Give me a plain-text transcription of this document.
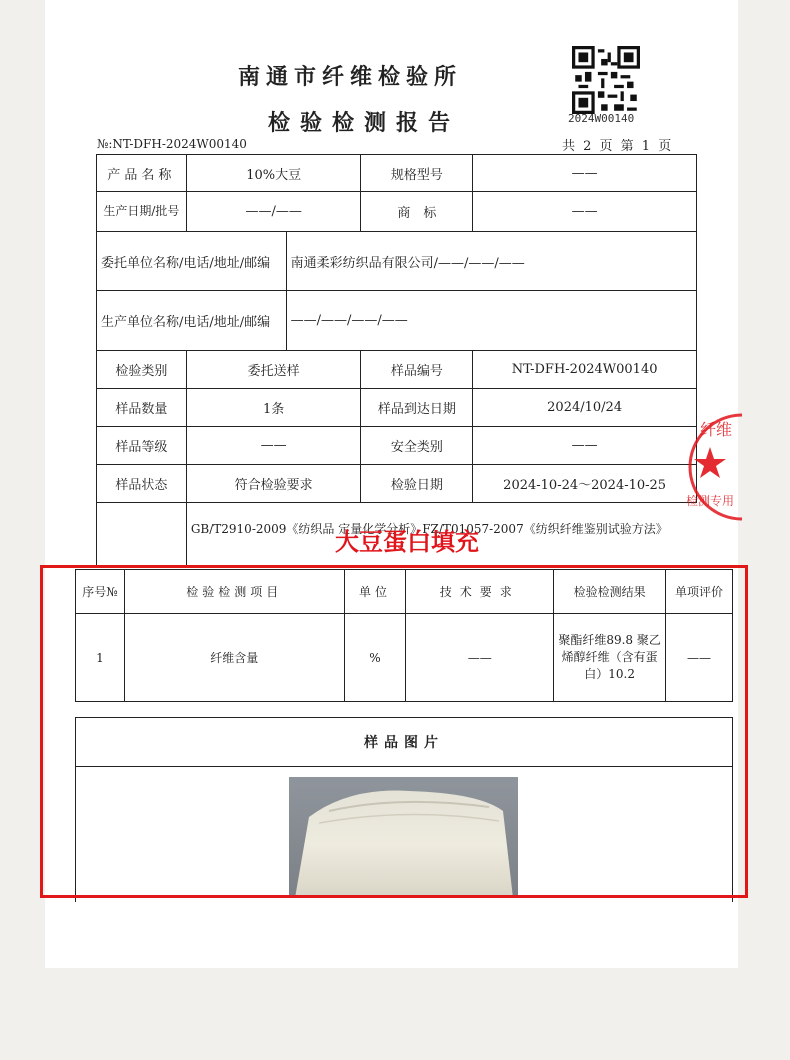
南通市纤维检验所
检验检测报告	2024W00140
№:NT-DFH-2024W00140	共 2 页 第 1 页
产品名称	10%大豆		规格型号	——
生产日期/批号	——/——		商　标	——
委托单位名称/电话/地址/邮编		南通柔彩纺织品有限公司/——/——/——		
生产单位名称/电话/地址/邮编		——/——/——/——		
检验类别	委托送样		样品编号	NT-DFH-2024W00140
样品数量	1条		样品到达日期	2024/10/24
样品等级	——		安全类别	——
样品状态	符合检验要求		检验日期	2024-10-24～2024-10-25
	GB/T2910-2009《纺织品 定量化学分析》FZ/T01057-2007《纺织纤维鉴别试验方法》			
纤维
检测专用
大豆蛋白填充
序号№	检验检测项目	单位	技术要求	检验检测结果	单项评价
1	纤维含量	%	——	聚酯纤维89.8 聚乙烯醇纤维（含有蛋白）10.2	——
样品图片
